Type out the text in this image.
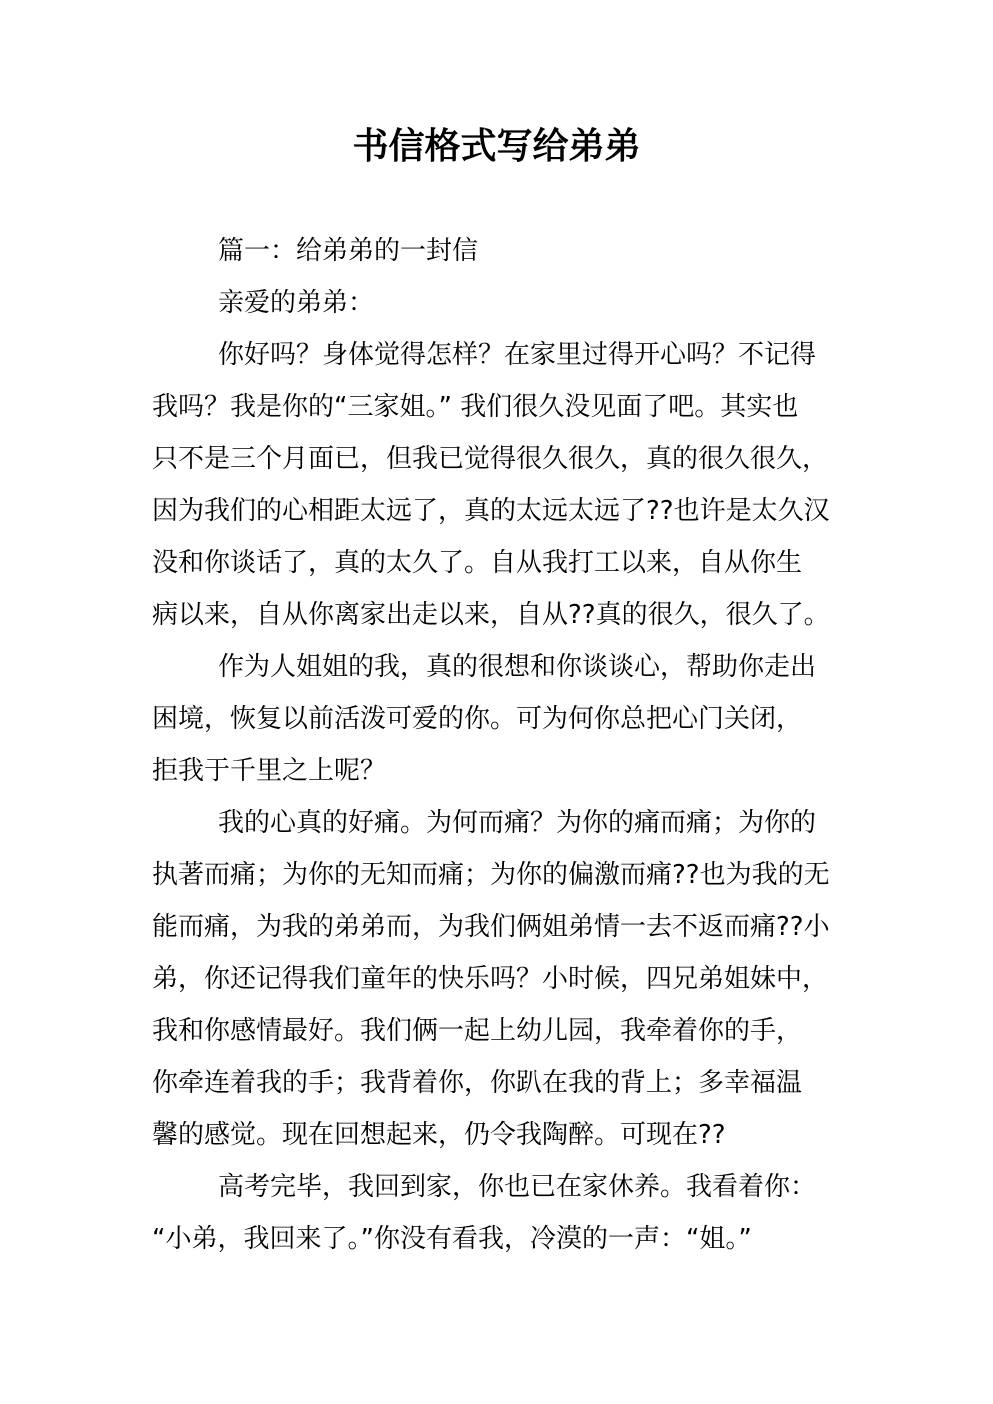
书信格式写给弟弟

篇一：给弟弟的一封信

亲爱的弟弟：

你好吗？身体觉得怎样？在家里过得开心吗？不记得
我吗？我是你的“三家姐。” 我们很久没见面了吧。其实也
只不是三个月面已，但我已觉得很久很久，真的很久很久，
因为我们的心相距太远了，真的太远太远了??也许是太久汉
没和你谈话了，真的太久了。自从我打工以来，自从你生
病以来，自从你离家出走以来，自从??真的很久，很久了。

作为人姐姐的我，真的很想和你谈谈心，帮助你走出
困境，恢复以前活泼可爱的你。可为何你总把心门关闭，
拒我于千里之上呢？

我的心真的好痛。为何而痛？为你的痛而痛；为你的
执著而痛；为你的无知而痛；为你的偏激而痛??也为我的无
能而痛，为我的弟弟而，为我们俩姐弟情一去不返而痛??小
弟，你还记得我们童年的快乐吗？小时候，四兄弟姐妹中，
我和你感情最好。我们俩一起上幼儿园，我牵着你的手，
你牵连着我的手；我背着你，你趴在我的背上；多幸福温
馨的感觉。现在回想起来，仍令我陶醉。可现在??

高考完毕，我回到家，你也已在家休养。我看着你：
“小弟，我回来了。”你没有看我，冷漠的一声：“姐。”
